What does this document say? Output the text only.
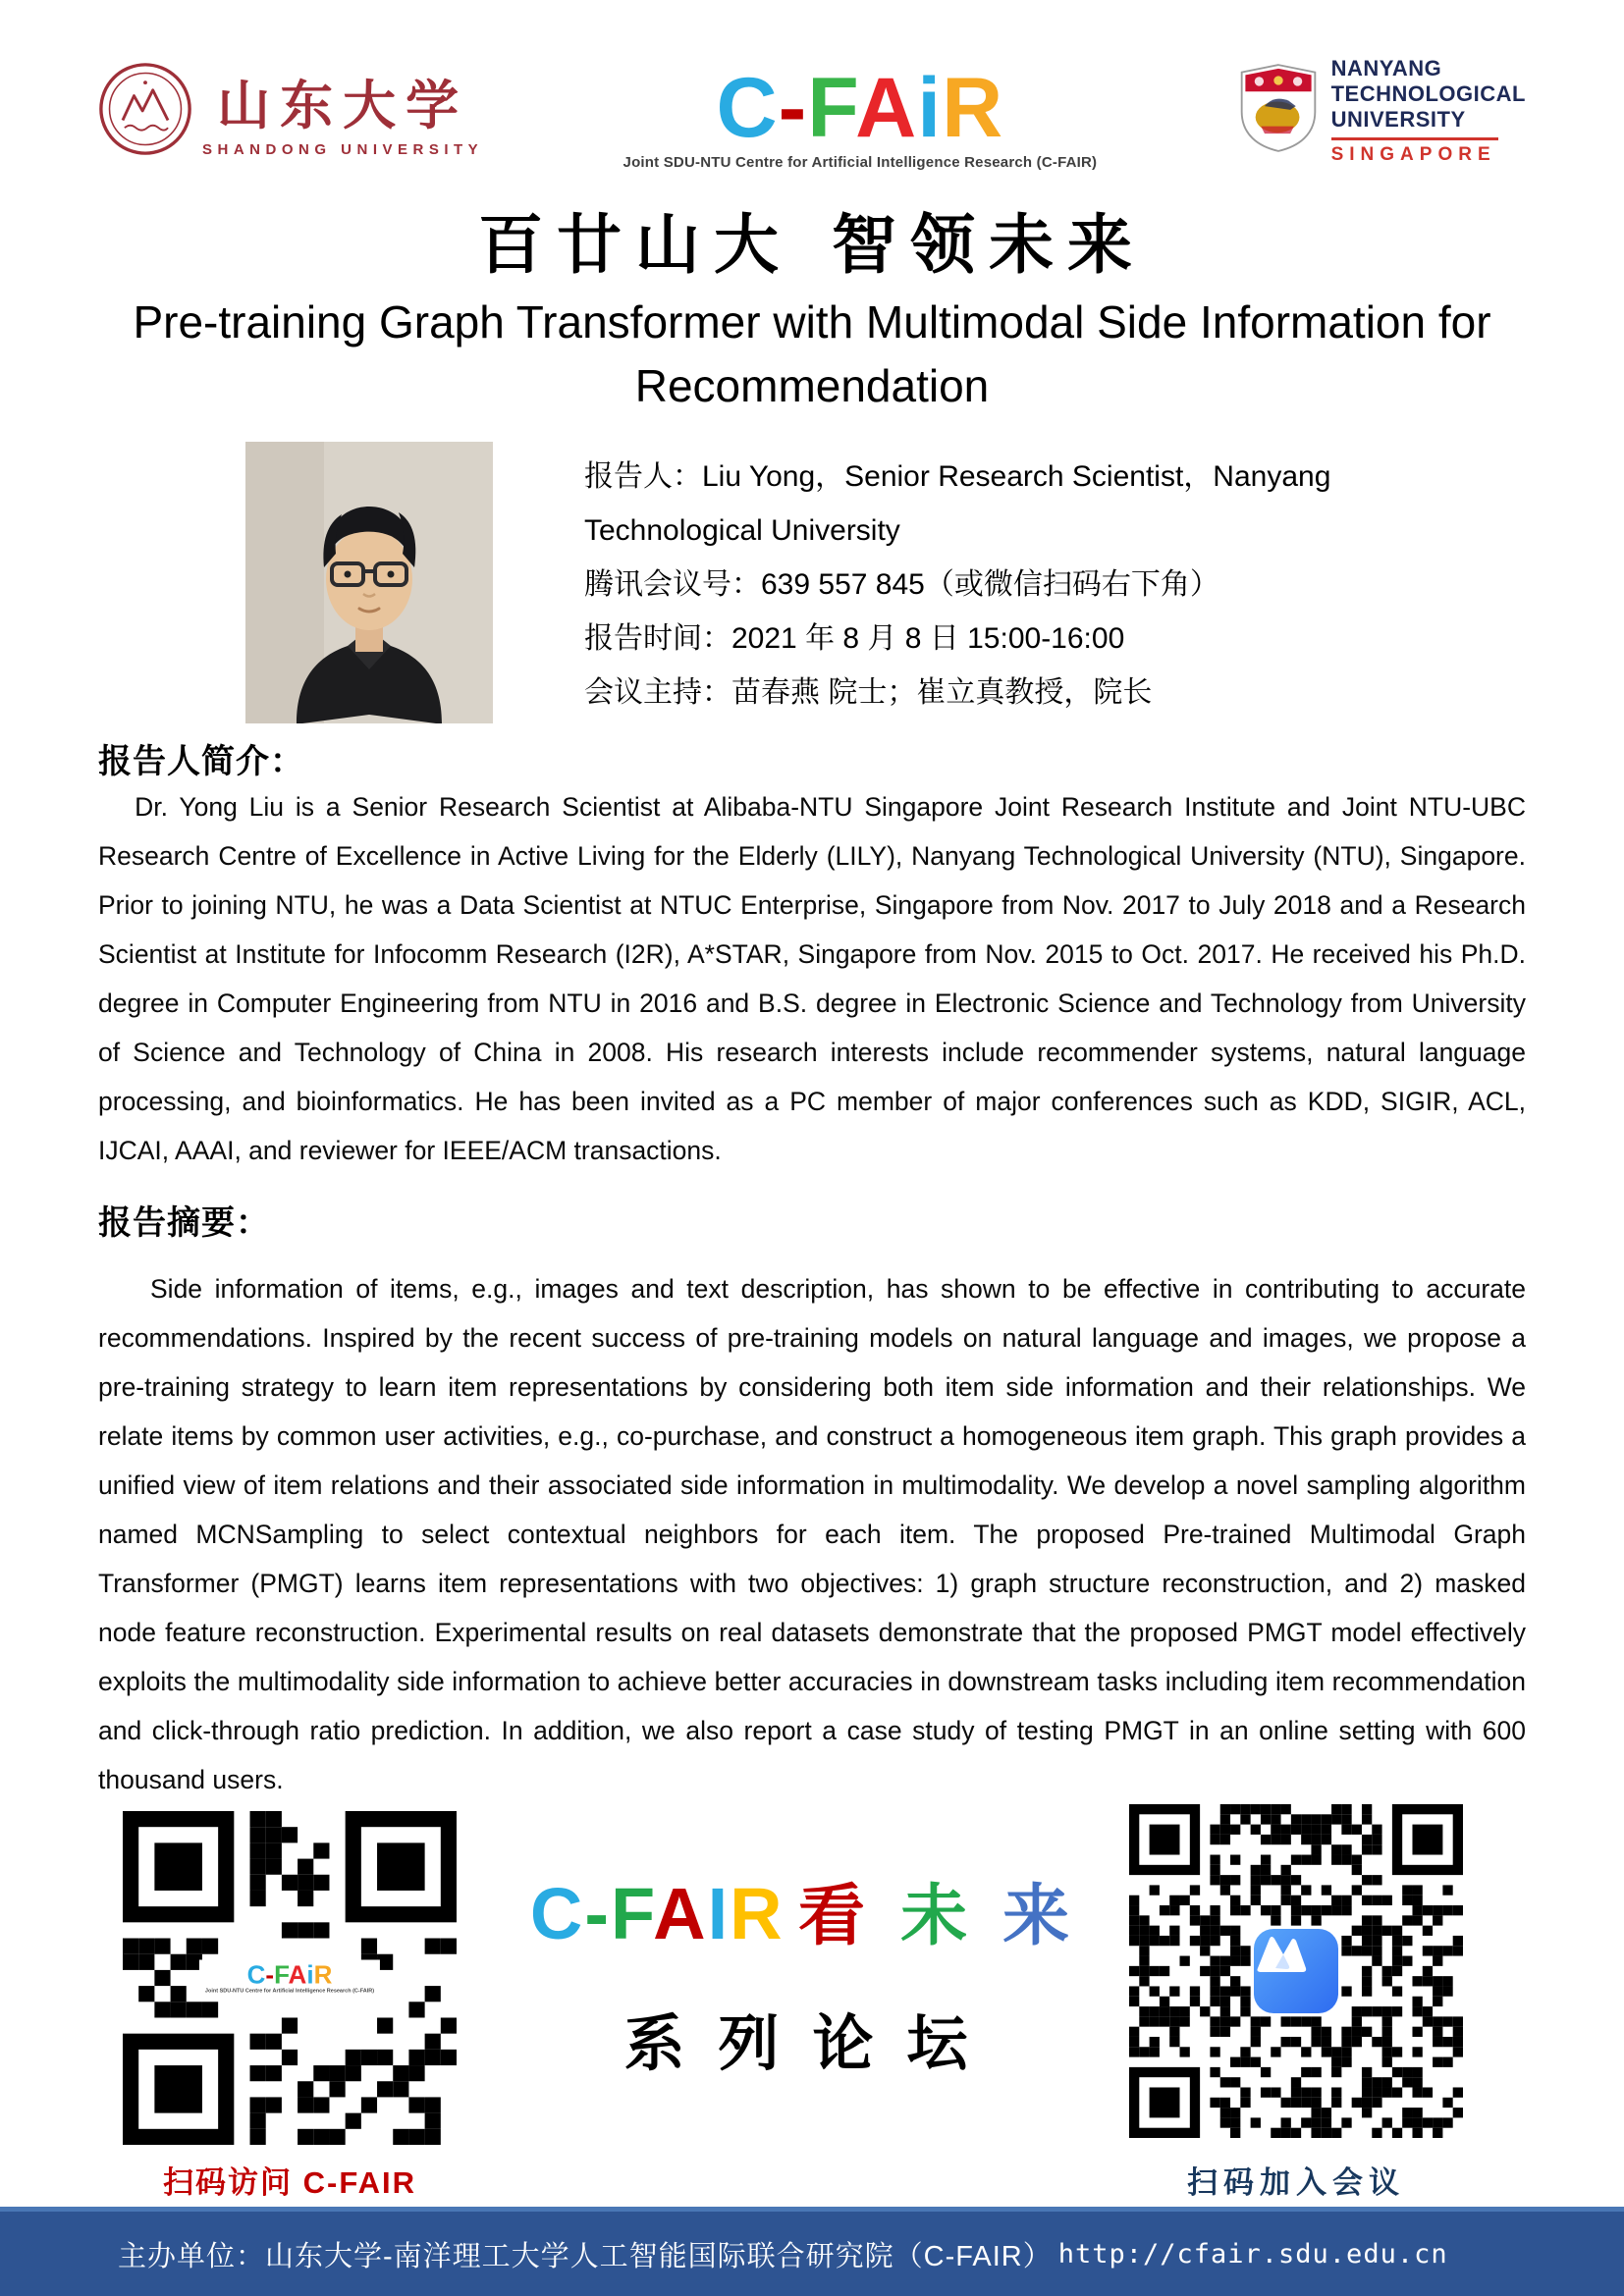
山东大学
SHANDONG UNIVERSITY	C-FAiR
Joint SDU-NTU Centre for Artificial Intelligence Research (C-FAIR)
NANYANG
TECHNOLOGICAL
UNIVERSITY
SINGAPORE
百廿山大 智领未来
Pre-training Graph Transformer with Multimodal Side Information for Recommendation
报告人：Liu Yong，Senior Research Scientist，Nanyang
Technological University
腾讯会议号：639 557 845（或微信扫码右下角）
报告时间：2021 年 8 月 8 日 15:00-16:00
会议主持：苗春燕 院士；崔立真教授，院长
报告人简介：
Dr. Yong Liu is a Senior Research Scientist at Alibaba-NTU Singapore Joint Research Institute and Joint NTU-UBC Research Centre of Excellence in Active Living for the Elderly (LILY), Nanyang Technological University (NTU), Singapore. Prior to joining NTU, he was a Data Scientist at NTUC Enterprise, Singapore from Nov. 2017 to July 2018 and a Research Scientist at Institute for Infocomm Research (I2R), A*STAR, Singapore from Nov. 2015 to Oct. 2017. He received his Ph.D. degree in Computer Engineering from NTU in 2016 and B.S. degree in Electronic Science and Technology from University of Science and Technology of China in 2008. His research interests include recommender systems, natural language processing, and bioinformatics. He has been invited as a PC member of major conferences such as KDD, SIGIR, ACL, IJCAI, AAAI, and reviewer for IEEE/ACM transactions.
报告摘要：
Side information of items, e.g., images and text description, has shown to be effective in contributing to accurate recommendations. Inspired by the recent success of pre-training models on natural language and images, we propose a pre-training strategy to learn item representations by considering both item side information and their relationships. We relate items by common user activities, e.g., co-purchase, and construct a homogeneous item graph. This graph provides a unified view of item relations and their associated side information in multimodality. We develop a novel sampling algorithm named MCNSampling to select contextual neighbors for each item. The proposed Pre-trained Multimodal Graph Transformer (PMGT) learns item representations with two objectives: 1) graph structure reconstruction, and 2) masked node feature reconstruction. Experimental results on real datasets demonstrate that the proposed PMGT model effectively exploits the multimodality side information to achieve better accuracies in downstream tasks including item recommendation and click-through ratio prediction. In addition, we also report a case study of testing PMGT in an online setting with 600 thousand users.
C-FAiR
Joint SDU-NTU Centre for Artificial Intelligence Research (C-FAIR)
扫码访问 C-FAIR
C-FAIR 看 未 来
系列论坛
扫码加入会议
主办单位：山东大学-南洋理工大学人工智能国际联合研究院（C-FAIR） http://cfair.sdu.edu.cn
